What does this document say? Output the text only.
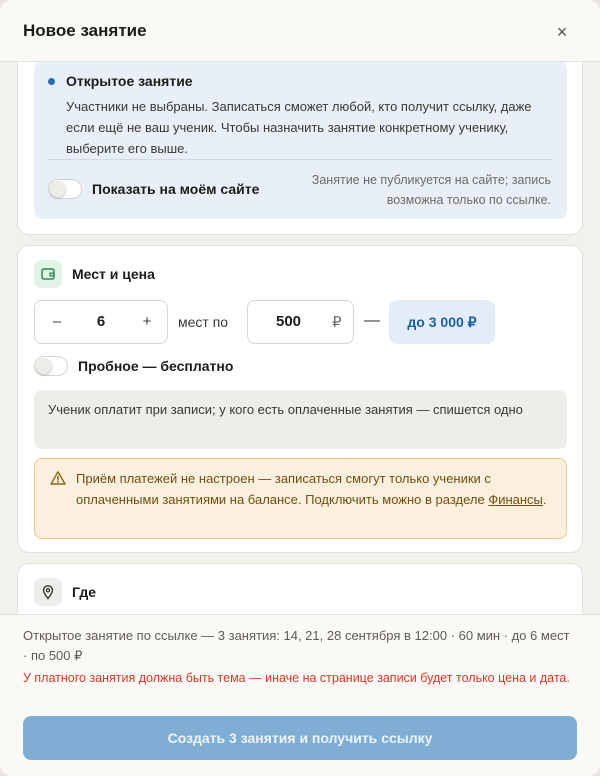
Новое занятие	×
Открытое занятие
Участники не выбраны. Записаться сможет любой, кто получит ссылку, даже если ещё не ваш ученик. Чтобы назначить занятие конкретному ученику, выберите его выше.
Показать на моём сайте
Занятие не публикуется на сайте; запись возможна только по ссылке.
Мест и цена
–	6	+ мест по	500 ₽ —	до 3 000 ₽
Пробное — бесплатно
Ученик оплатит при записи; у кого есть оплаченные занятия — спишется одно
Приём платежей не настроен — записаться смогут только ученики с оплаченными занятиями на балансе. Подключить можно в разделе Финансы.
Где
Открытое занятие по ссылке — 3 занятия: 14, 21, 28 сентября в 12:00 · 60 мин · до 6 мест · по 500 ₽
У платного занятия должна быть тема — иначе на странице записи будет только цена и дата.
Создать 3 занятия и получить ссылку
